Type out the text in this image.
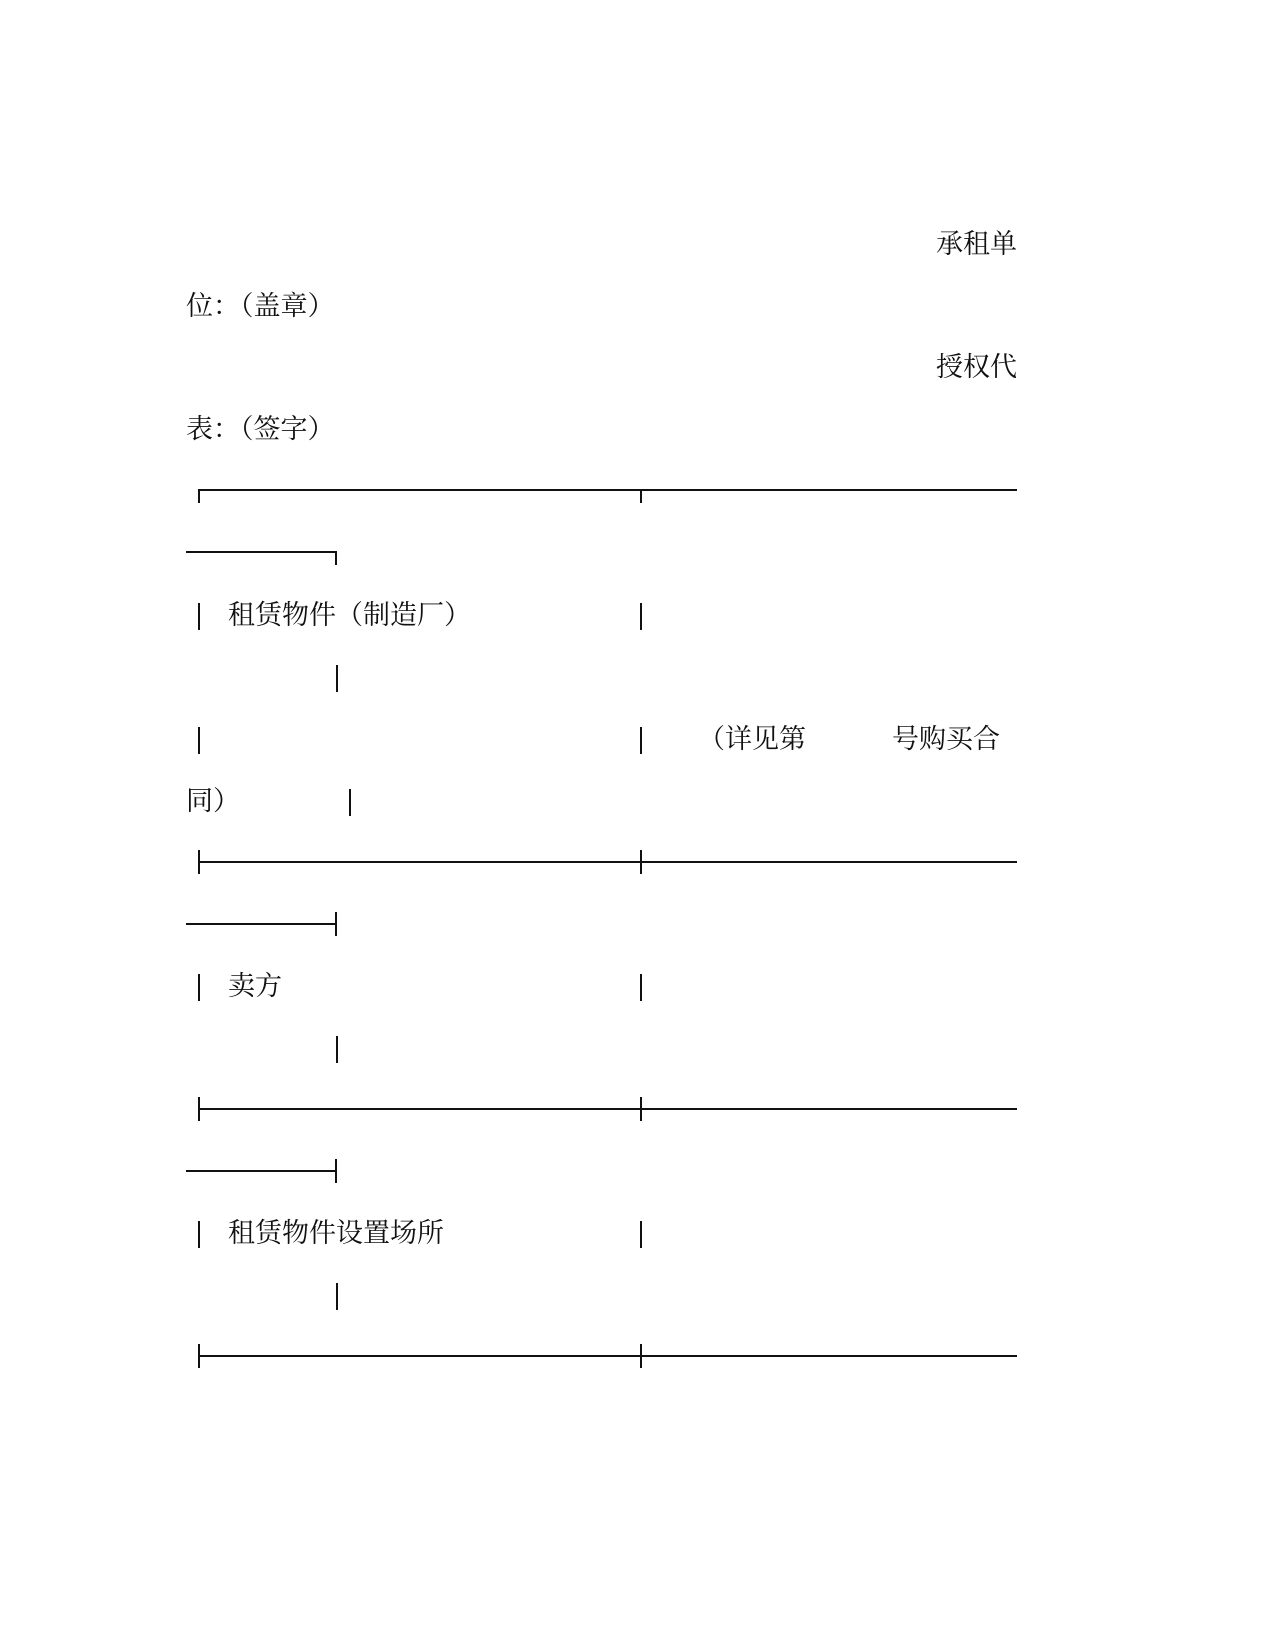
承租单
位：（盖章）
授权代
表：（签字）
租赁物件（制造厂）
（详见第	号购买合
同）
卖方
租赁物件设置场所
